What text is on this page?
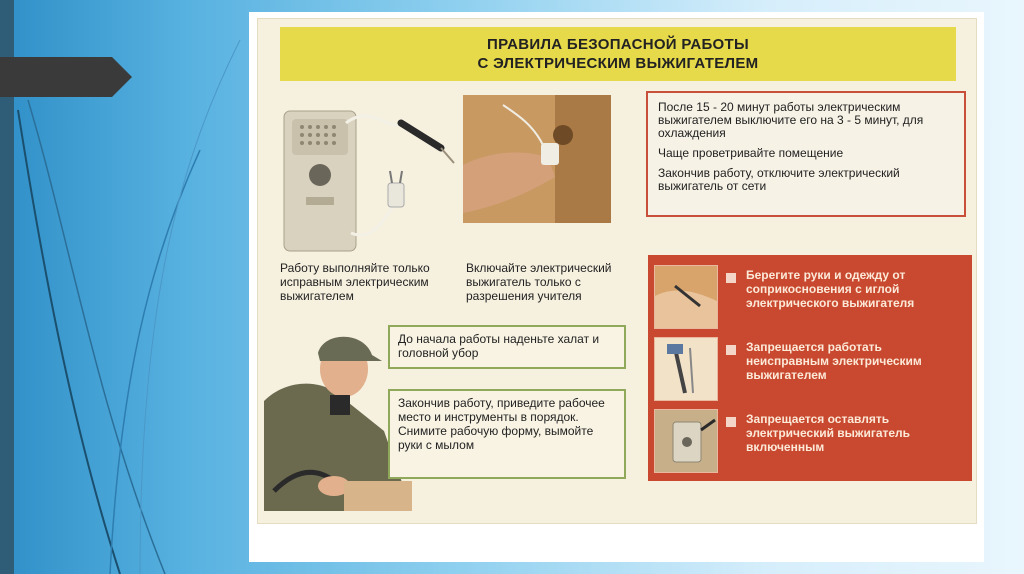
ПРАВИЛА БЕЗОПАСНОЙ РАБОТЫ
С ЭЛЕКТРИЧЕСКИМ ВЫЖИГАТЕЛЕМ
Работу выполняйте только исправным электрическим выжигателем
Включайте электрический выжигатель только с разрешения учителя

После 15 - 20 минут работы электрическим выжигателем выключите его на 3 - 5 минут, для охлаждения

Чаще проветривайте помещение

Закончив работу, отключите электрический выжигатель от сети

До начала работы наденьте халат и головной убор
Закончив работу, приведите рабочее место и инструменты в порядок. Снимите рабочую форму, вымойте руки с мылом
Берегите руки и одежду от соприкосновения с иглой электрического выжигателя
Запрещается работать неисправным электрическим выжигателем
Запрещается оставлять электрический выжигатель включенным
